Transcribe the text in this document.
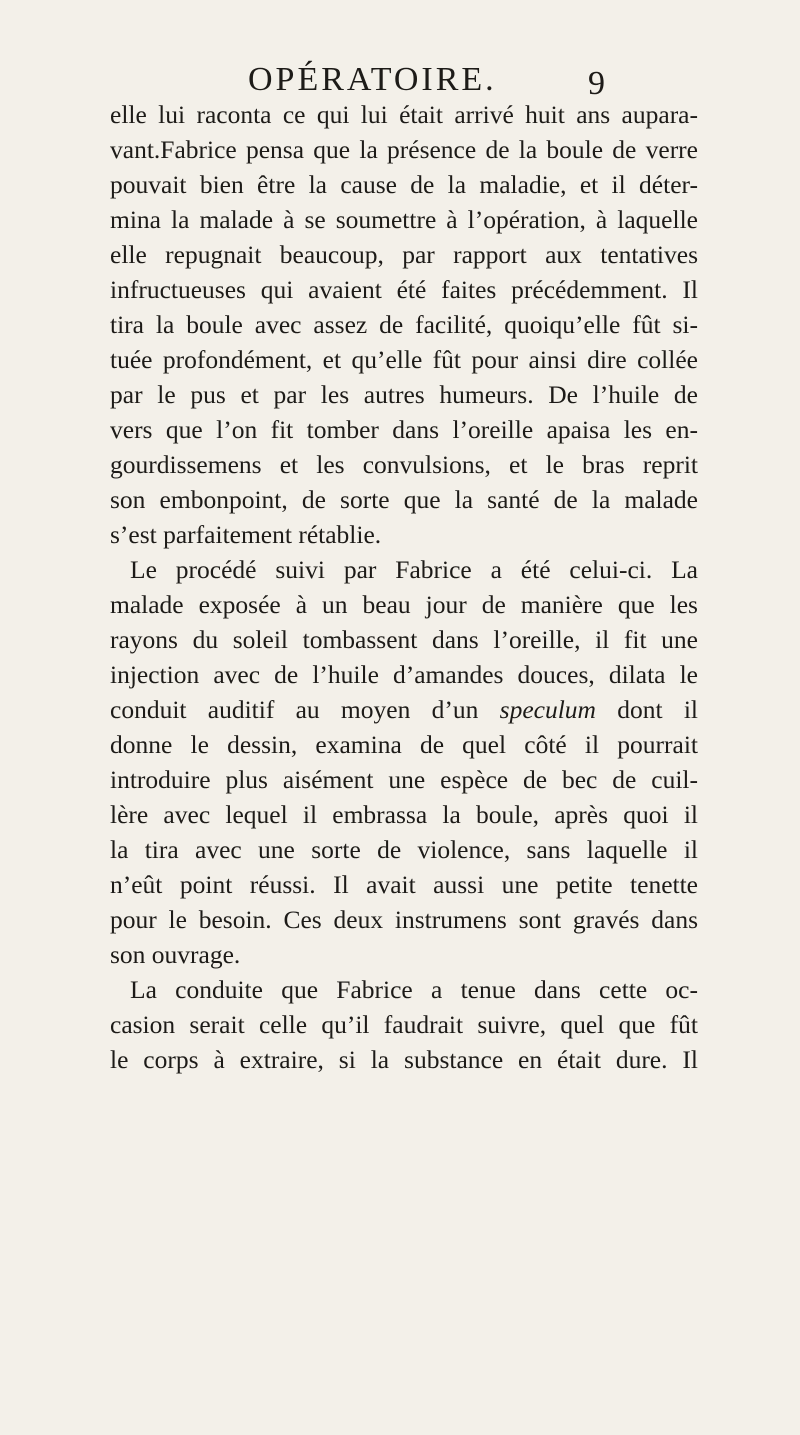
OPÉRATOIRE.	9
elle lui raconta ce qui lui était arrivé huit ans aupara-
vant.Fabrice pensa que la présence de la boule de verre
pouvait bien être la cause de la maladie, et il déter-
mina la malade à se soumettre à l’opération, à laquelle
elle repugnait beaucoup, par rapport aux tentatives
infructueuses qui avaient été faites précédemment. Il
tira la boule avec assez de facilité, quoiqu’elle fût si-
tuée profondément, et qu’elle fût pour ainsi dire collée
par le pus et par les autres humeurs. De l’huile de
vers que l’on fit tomber dans l’oreille apaisa les en-
gourdissemens et les convulsions, et le bras reprit
son embonpoint, de sorte que la santé de la malade
s’est parfaitement rétablie.
Le procédé suivi par Fabrice a été celui-ci. La
malade exposée à un beau jour de manière que les
rayons du soleil tombassent dans l’oreille, il fit une
injection avec de l’huile d’amandes douces, dilata le
conduit auditif au moyen d’un speculum dont il
donne le dessin, examina de quel côté il pourrait
introduire plus aisément une espèce de bec de cuil-
lère avec lequel il embrassa la boule, après quoi il
la tira avec une sorte de violence, sans laquelle il
n’eût point réussi. Il avait aussi une petite tenette
pour le besoin. Ces deux instrumens sont gravés dans
son ouvrage.
La conduite que Fabrice a tenue dans cette oc-
casion serait celle qu’il faudrait suivre, quel que fût
le corps à extraire, si la substance en était dure. Il
